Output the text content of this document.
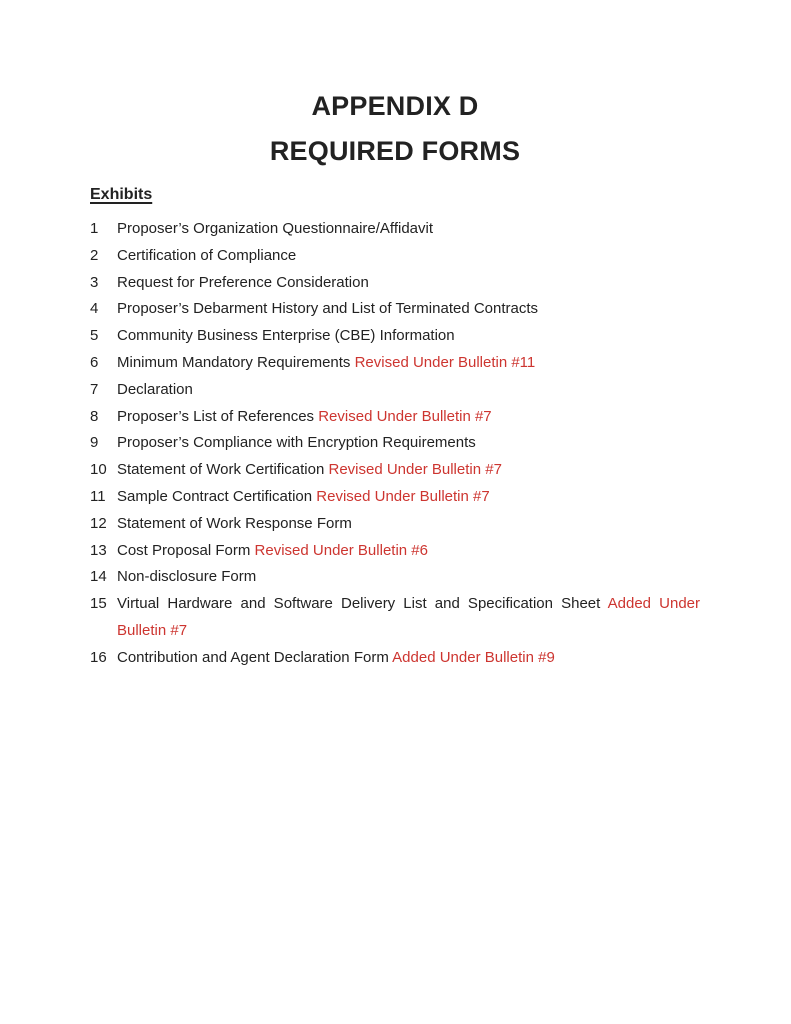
APPENDIX D
REQUIRED FORMS
Exhibits
1	Proposer’s Organization Questionnaire/Affidavit
2	Certification of Compliance
3	Request for Preference Consideration
4	Proposer’s Debarment History and List of Terminated Contracts
5	Community Business Enterprise (CBE) Information
6	Minimum Mandatory Requirements Revised Under Bulletin #11
7	Declaration
8	Proposer’s List of References Revised Under Bulletin #7
9	Proposer’s Compliance with Encryption Requirements
10 Statement of Work Certification Revised Under Bulletin #7
11 Sample Contract Certification Revised Under Bulletin #7
12 Statement of Work Response Form
13 Cost Proposal Form Revised Under Bulletin #6
14 Non-disclosure Form
15 Virtual Hardware and Software Delivery List and Specification Sheet Added Under Bulletin #7
16 Contribution and Agent Declaration Form Added Under Bulletin #9
